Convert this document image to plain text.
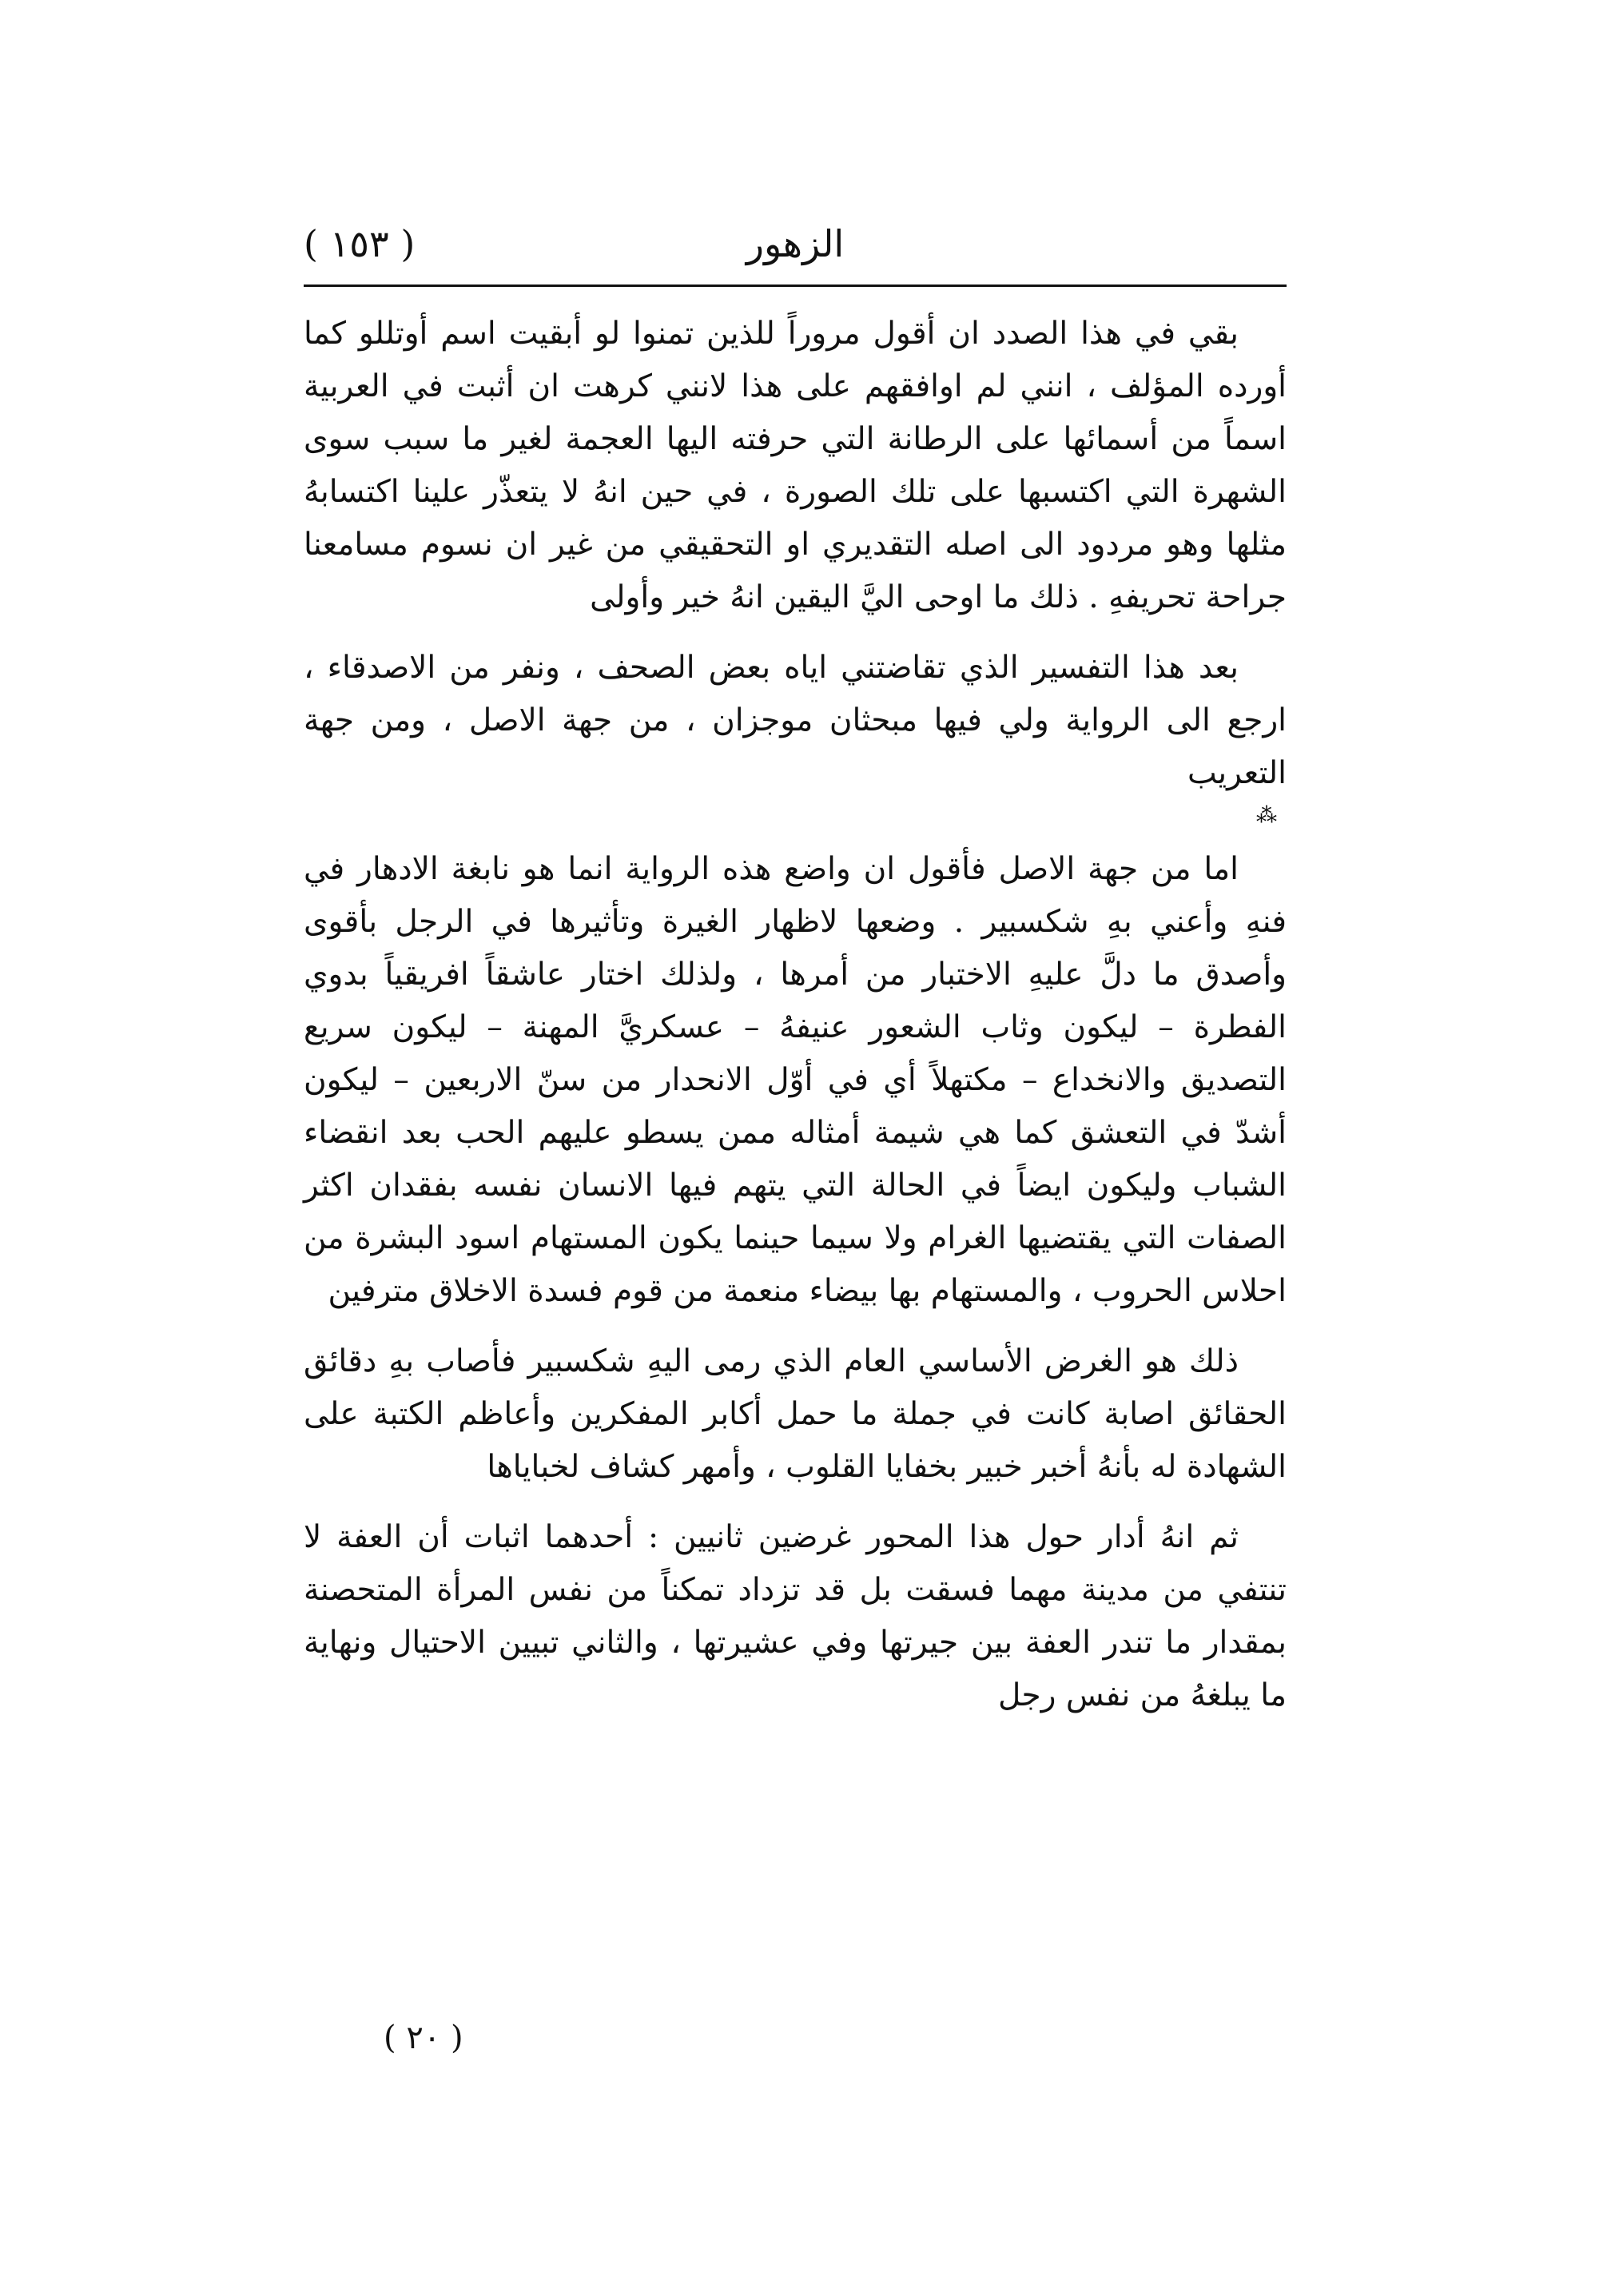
الزهور
( ١٥٣ )

بقي في هذا الصدد ان أقول مروراً للذين تمنوا لو أبقيت اسم أوتللو كما أورده المؤلف ، انني لم اوافقهم على هذا لانني كرهت ان أثبت في العربية اسماً من أسمائها على الرطانة التي حرفته اليها العجمة لغير ما سبب سوى الشهرة التي اكتسبها على تلك الصورة ، في حين انهُ لا يتعذّر علينا اكتسابهُ مثلها وهو مردود الى اصله التقديري او التحقيقي من غير ان نسوم مسامعنا جراحة تحريفهِ . ذلك ما اوحى اليَّ اليقين انهُ خير وأولى

بعد هذا التفسير الذي تقاضتني اياه بعض الصحف ، ونفر من الاصدقاء ، ارجع الى الرواية ولي فيها مبحثان موجزان ، من جهة الاصل ، ومن جهة التعريب

⁂

اما من جهة الاصل فأقول ان واضع هذه الرواية انما هو نابغة الادهار في فنهِ وأعني بهِ شكسبير . وضعها لاظهار الغيرة وتأثيرها في الرجل بأقوى وأصدق ما دلَّ عليهِ الاختبار من أمرها ، ولذلك اختار عاشقاً افريقياً بدوي الفطرة – ليكون وثاب الشعور عنيفهُ – عسكريَّ المهنة – ليكون سريع التصديق والانخداع – مكتهلاً أي في أوّل الانحدار من سنّ الاربعين – ليكون أشدّ في التعشق كما هي شيمة أمثاله ممن يسطو عليهم الحب بعد انقضاء الشباب وليكون ايضاً في الحالة التي يتهم فيها الانسان نفسه بفقدان اكثر الصفات التي يقتضيها الغرام ولا سيما حينما يكون المستهام اسود البشرة من احلاس الحروب ، والمستهام بها بيضاء منعمة من قوم فسدة الاخلاق مترفين

ذلك هو الغرض الأساسي العام الذي رمى اليهِ شكسبير فأصاب بهِ دقائق الحقائق اصابة كانت في جملة ما حمل أكابر المفكرين وأعاظم الكتبة على الشهادة له بأنهُ أخبر خبير بخفايا القلوب ، وأمهر كشاف لخباياها

ثم انهُ أدار حول هذا المحور غرضين ثانيين : أحدهما اثبات أن العفة لا تنتفي من مدينة مهما فسقت بل قد تزداد تمكناً من نفس المرأة المتحصنة بمقدار ما تندر العفة بين جيرتها وفي عشيرتها ، والثاني تبيين الاحتيال ونهاية ما يبلغهُ من نفس رجل

( ٢٠ )
